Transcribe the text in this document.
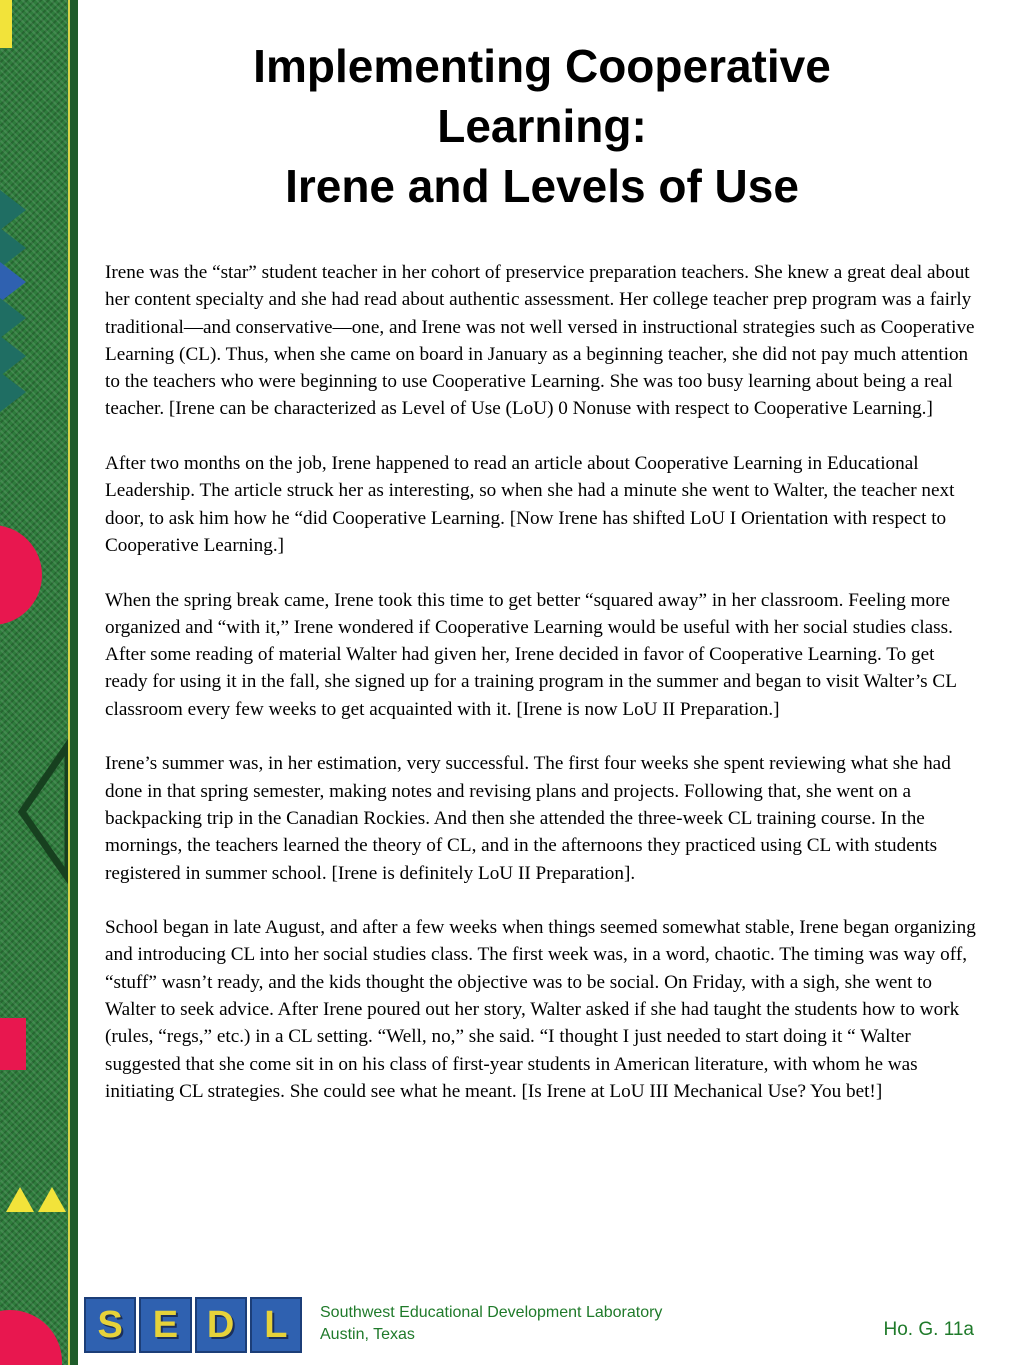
Implementing Cooperative
Learning:
Irene and Levels of Use

Irene was the “star” student teacher in her cohort of preservice preparation teachers. She knew a great deal about her content specialty and she had read about authentic assessment. Her college teacher prep program was a fairly traditional—and conservative—one, and Irene was not well versed in instructional strategies such as Cooperative Learning (CL). Thus, when she came on board in January as a beginning teacher, she did not pay much attention to the teachers who were beginning to use Cooperative Learning. She was too busy learning about being a real teacher. [Irene can be characterized as Level of Use (LoU) 0 Nonuse with respect to Cooperative Learning.]

After two months on the job, Irene happened to read an article about Cooperative Learning in Educational Leadership. The article struck her as interesting, so when she had a minute she went to Walter, the teacher next door, to ask him how he “did Cooperative Learning. [Now Irene has shifted LoU I Orientation with respect to Cooperative Learning.]

When the spring break came, Irene took this time to get better “squared away” in her classroom. Feeling more organized and “with it,” Irene wondered if Cooperative Learning would be useful with her social studies class. After some reading of material Walter had given her, Irene decided in favor of Cooperative Learning. To get ready for using it in the fall, she signed up for a training program in the summer and began to visit Walter’s CL classroom every few weeks to get acquainted with it. [Irene is now LoU II Preparation.]

Irene’s summer was, in her estimation, very successful. The first four weeks she spent reviewing what she had done in that spring semester, making notes and revising plans and projects. Following that, she went on a backpacking trip in the Canadian Rockies. And then she attended the three-week CL training course. In the mornings, the teachers learned the theory of CL, and in the afternoons they practiced using CL with students registered in summer school. [Irene is definitely LoU II Preparation].

School began in late August, and after a few weeks when things seemed somewhat stable, Irene began organizing and introducing CL into her social studies class. The first week was, in a word, chaotic. The timing was way off, “stuff” wasn’t ready, and the kids thought the objective was to be social. On Friday, with a sigh, she went to Walter to seek advice. After Irene poured out her story, Walter asked if she had taught the students how to work (rules, “regs,” etc.) in a CL setting. “Well, no,” she said. “I thought I just needed to start doing it “ Walter suggested that she come sit in on his class of first-year students in American literature, with whom he was initiating CL strategies. She could see what he meant. [Is Irene at LoU III Mechanical Use? You bet!]

S E D L	Southwest Educational Development Laboratory
Austin, Texas	Ho. G. 11a
